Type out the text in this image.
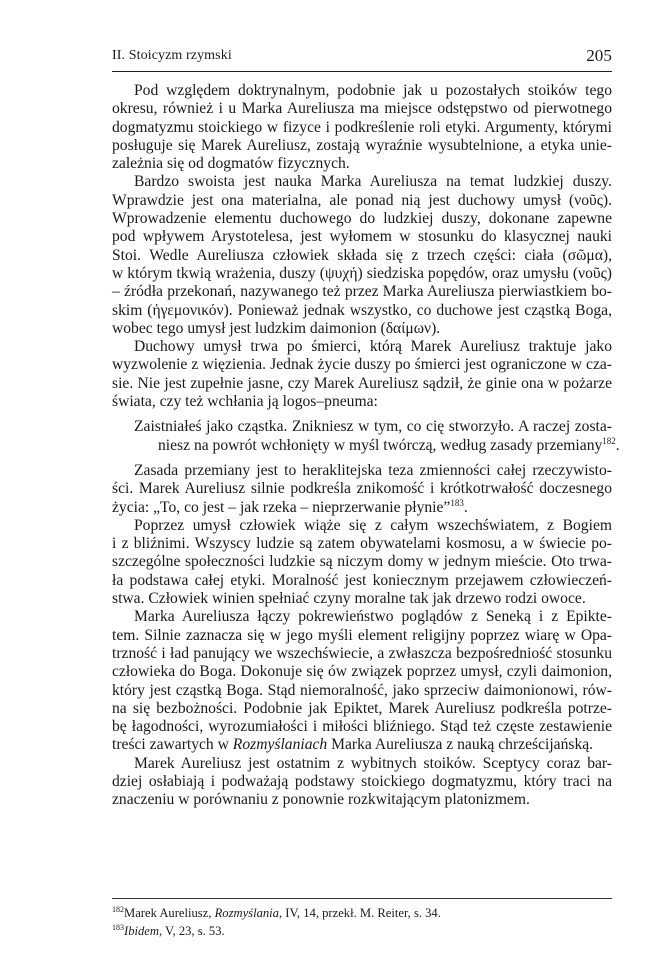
II. Stoicyzm rzymski	205
Pod względem doktrynalnym, podobnie jak u pozostałych stoików tego
okresu, również i u Marka Aureliusza ma miejsce odstępstwo od pierwotnego
dogmatyzmu stoickiego w fizyce i podkreślenie roli etyki. Argumenty, którymi
posługuje się Marek Aureliusz, zostają wyraźnie wysubtelnione, a etyka unie-
zależnia się od dogmatów fizycznych.
Bardzo swoista jest nauka Marka Aureliusza na temat ludzkiej duszy.
Wprawdzie jest ona materialna, ale ponad nią jest duchowy umysł (νοῦς).
Wprowadzenie elementu duchowego do ludzkiej duszy, dokonane zapewne
pod wpływem Arystotelesa, jest wyłomem w stosunku do klasycznej nauki
Stoi. Wedle Aureliusza człowiek składa się z trzech części: ciała (σῶμα),
w którym tkwią wrażenia, duszy (ψυχή) siedziska popędów, oraz umysłu (νοῦς)
– źródła przekonań, nazywanego też przez Marka Aureliusza pierwiastkiem bo-
skim (ἡγεμονικόν). Ponieważ jednak wszystko, co duchowe jest cząstką Boga,
wobec tego umysł jest ludzkim daimonion (δαίμων).
Duchowy umysł trwa po śmierci, którą Marek Aureliusz traktuje jako
wyzwolenie z więzienia. Jednak życie duszy po śmierci jest ograniczone w cza-
sie. Nie jest zupełnie jasne, czy Marek Aureliusz sądził, że ginie ona w pożarze
świata, czy też wchłania ją logos–pneuma:
Zaistniałeś jako cząstka. Znikniesz w tym, co cię stworzyło. A raczej zosta-
niesz na powrót wchłonięty w myśl twórczą, według zasady przemiany$^{182}$.
Zasada przemiany jest to heraklitejska teza zmienności całej rzeczywisto-
ści. Marek Aureliusz silnie podkreśla znikomość i krótkotrwałość doczesnego
życia: „To, co jest – jak rzeka – nieprzerwanie płynie”$^{183}$.
Poprzez umysł człowiek wiąże się z całym wszechświatem, z Bogiem
i z bliźnimi. Wszyscy ludzie są zatem obywatelami kosmosu, a w świecie po-
szczególne społeczności ludzkie są niczym domy w jednym mieście. Oto trwa-
ła podstawa całej etyki. Moralność jest koniecznym przejawem człowieczeń-
stwa. Człowiek winien spełniać czyny moralne tak jak drzewo rodzi owoce.
Marka Aureliusza łączy pokrewieństwo poglądów z Seneką i z Epikte-
tem. Silnie zaznacza się w jego myśli element religijny poprzez wiarę w Opa-
trzność i ład panujący we wszechświecie, a zwłaszcza bezpośredniość stosunku
człowieka do Boga. Dokonuje się ów związek poprzez umysł, czyli daimonion,
który jest cząstką Boga. Stąd niemoralność, jako sprzeciw daimonionowi, rów-
na się bezbożności. Podobnie jak Epiktet, Marek Aureliusz podkreśla potrze-
bę łagodności, wyrozumiałości i miłości bliźniego. Stąd też częste zestawienie
treści zawartych w Rozmyślaniach Marka Aureliusza z nauką chrześcijańską.
Marek Aureliusz jest ostatnim z wybitnych stoików. Sceptycy coraz bar-
dziej osłabiają i podważają podstawy stoickiego dogmatyzmu, który traci na
znaczeniu w porównaniu z ponownie rozkwitającym platonizmem.
$^{182}$Marek Aureliusz, Rozmyślania, IV, 14, przekł. M. Reiter, s. 34.
$^{183}$Ibidem, V, 23, s. 53.
